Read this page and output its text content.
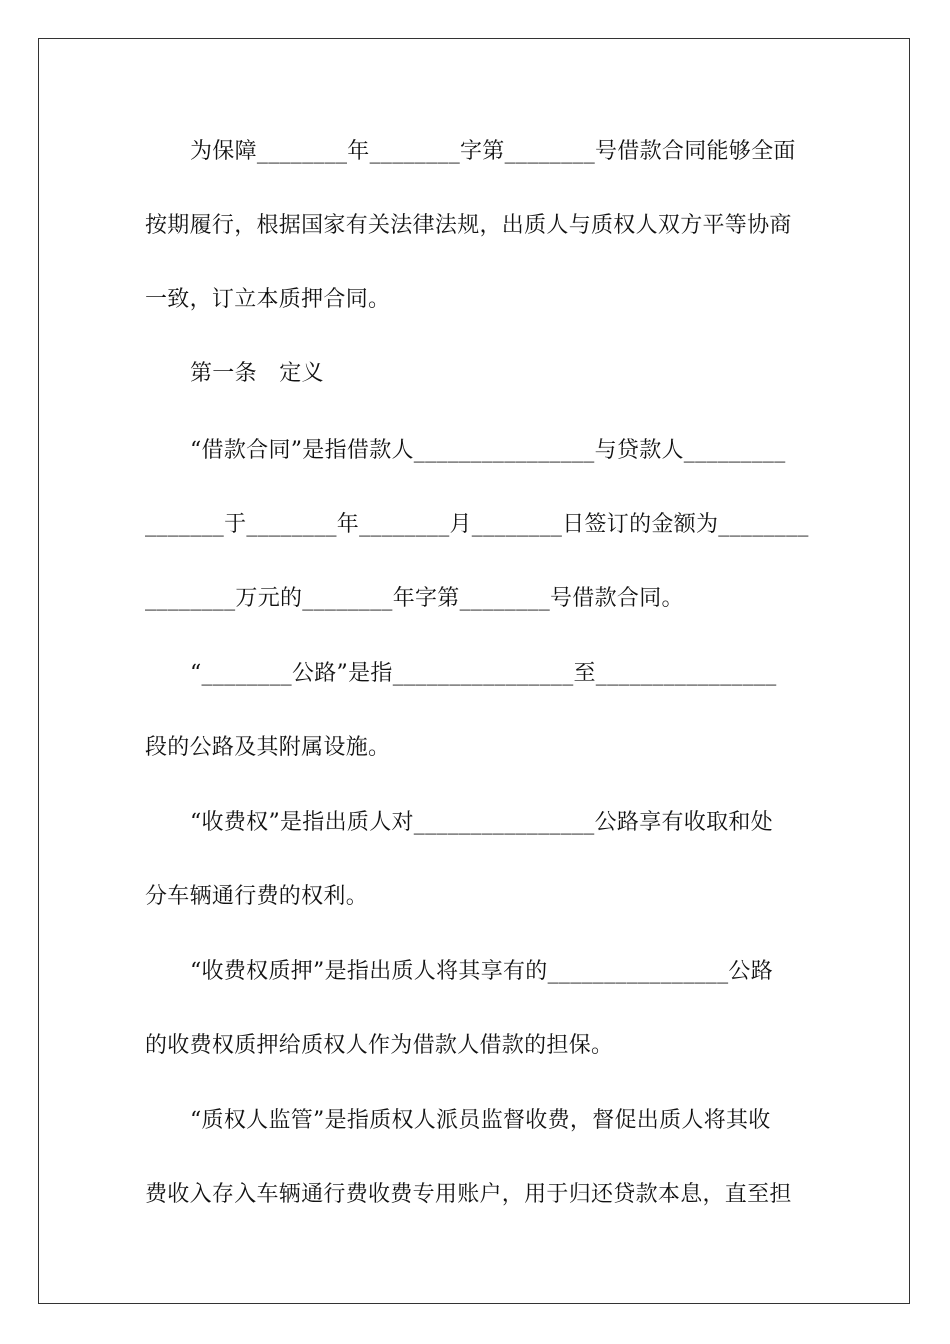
为保障________年________字第________号借款合同能够全面
按期履行，根据国家有关法律法规，出质人与质权人双方平等协商
一致，订立本质押合同。
第一条　定义
“借款合同”是指借款人________________与贷款人_________
_______于________年________月________日签订的金额为________
________万元的________年字第________号借款合同。
“________公路”是指________________至________________
段的公路及其附属设施。
“收费权”是指出质人对________________公路享有收取和处
分车辆通行费的权利。
“收费权质押”是指出质人将其享有的________________公路
的收费权质押给质权人作为借款人借款的担保。
“质权人监管”是指质权人派员监督收费，督促出质人将其收
费收入存入车辆通行费收费专用账户，用于归还贷款本息，直至担
